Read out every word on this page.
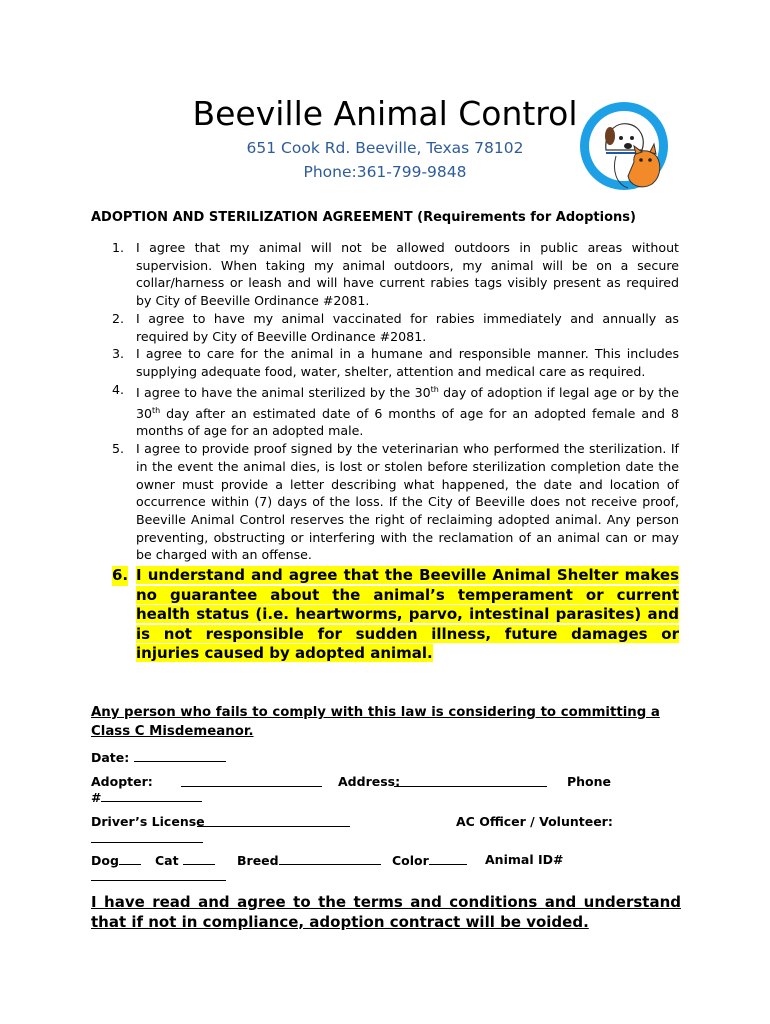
Beeville Animal Control
651 Cook Rd. Beeville, Texas 78102
Phone:361-799-9848
ADOPTION AND STERILIZATION AGREEMENT (Requirements for Adoptions)
1. I agree that my animal will not be allowed outdoors in public areas without supervision. When taking my animal outdoors, my animal will be on a secure collar/harness or leash and will have current rabies tags visibly present as required by City of Beeville Ordinance #2081.
2. I agree to have my animal vaccinated for rabies immediately and annually as required by City of Beeville Ordinance #2081.
3. I agree to care for the animal in a humane and responsible manner. This includes supplying adequate food, water, shelter, attention and medical care as required.
4. I agree to have the animal sterilized by the 30th day of adoption if legal age or by the 30th day after an estimated date of 6 months of age for an adopted female and 8 months of age for an adopted male.
5. I agree to provide proof signed by the veterinarian who performed the sterilization. If in the event the animal dies, is lost or stolen before sterilization completion date the owner must provide a letter describing what happened, the date and location of occurrence within (7) days of the loss. If the City of Beeville does not receive proof, Beeville Animal Control reserves the right of reclaiming adopted animal. Any person preventing, obstructing or interfering with the reclamation of an animal can or may be charged with an offense.
6. I understand and agree that the Beeville Animal Shelter makes no guarantee about the animal’s temperament or current health status (i.e. heartworms, parvo, intestinal parasites) and is not responsible for sudden illness, future damages or injuries caused by adopted animal.
Any person who fails to comply with this law is considering to committing a Class C Misdemeanor.
Date:
Adopter:	Address:	Phone
#
Driver’s License	AC Officer / Volunteer:
Dog	Cat	Breed	Color	Animal ID#
I have read and agree to the terms and conditions and understand that if not in compliance, adoption contract will be voided.
